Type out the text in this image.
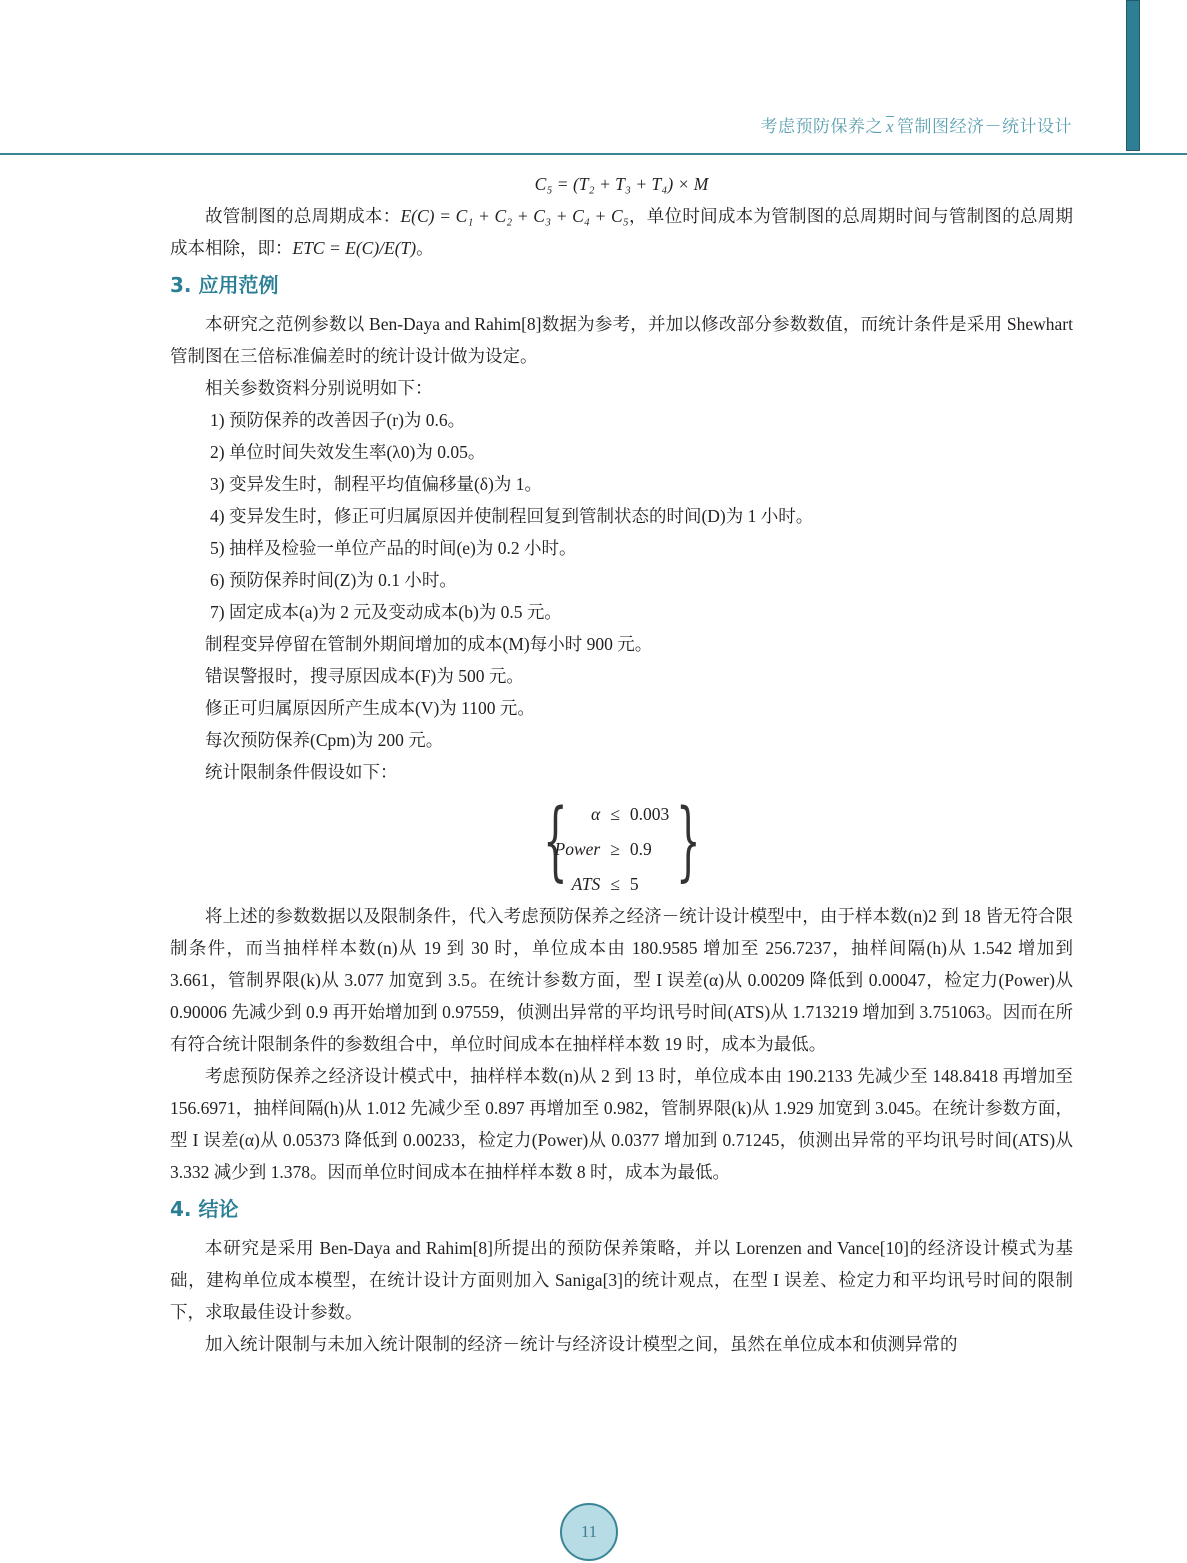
考虑预防保养之 $\overline{x}$ 管制图经济－统计设计
C₅ = (T₂ + T₃ + T₄) × M

故管制图的总周期成本：E(C) = C₁ + C₂ + C₃ + C₄ + C₅，单位时间成本为管制图的总周期时间与管制图的总周期成本相除，即：ETC = E(C)/E(T)。

3. 应用范例

本研究之范例参数以 Ben-Daya and Rahim[8]数据为参考，并加以修改部分参数数值，而统计条件是采用 Shewhart 管制图在三倍标准偏差时的统计设计做为设定。

相关参数资料分别说明如下：

1) 预防保养的改善因子(r)为 0.6。
2) 单位时间失效发生率(λ0)为 0.05。
3) 变异发生时，制程平均值偏移量(δ)为 1。
4) 变异发生时，修正可归属原因并使制程回复到管制状态的时间(D)为 1 小时。
5) 抽样及检验一单位产品的时间(e)为 0.2 小时。
6) 预防保养时间(Z)为 0.1 小时。
7) 固定成本(a)为 2 元及变动成本(b)为 0.5 元。

制程变异停留在管制外期间增加的成本(M)每小时 900 元。

错误警报时，搜寻原因成本(F)为 500 元。

修正可归属原因所产生成本(V)为 1100 元。

每次预防保养(Cpm)为 200 元。

统计限制条件假设如下：

{ α	≤	0.003
Power	≥	0.9
ATS	≤	5 }

将上述的参数数据以及限制条件，代入考虑预防保养之经济－统计设计模型中，由于样本数(n)2 到 18 皆无符合限制条件，而当抽样样本数(n)从 19 到 30 时，单位成本由 180.9585 增加至 256.7237，抽样间隔(h)从 1.542 增加到 3.661，管制界限(k)从 3.077 加宽到 3.5。在统计参数方面，型 I 误差(α)从 0.00209 降低到 0.00047，检定力(Power)从 0.90006 先减少到 0.9 再开始增加到 0.97559，侦测出异常的平均讯号时间(ATS)从 1.713219 增加到 3.751063。因而在所有符合统计限制条件的参数组合中，单位时间成本在抽样样本数 19 时，成本为最低。

考虑预防保养之经济设计模式中，抽样样本数(n)从 2 到 13 时，单位成本由 190.2133 先减少至 148.8418 再增加至 156.6971，抽样间隔(h)从 1.012 先减少至 0.897 再增加至 0.982，管制界限(k)从 1.929 加宽到 3.045。在统计参数方面，型 I 误差(α)从 0.05373 降低到 0.00233，检定力(Power)从 0.0377 增加到 0.71245，侦测出异常的平均讯号时间(ATS)从 3.332 减少到 1.378。因而单位时间成本在抽样样本数 8 时，成本为最低。

4. 结论

本研究是采用 Ben-Daya and Rahim[8]所提出的预防保养策略，并以 Lorenzen and Vance[10]的经济设计模式为基础，建构单位成本模型，在统计设计方面则加入 Saniga[3]的统计观点，在型 I 误差、检定力和平均讯号时间的限制下，求取最佳设计参数。

加入统计限制与未加入统计限制的经济－统计与经济设计模型之间，虽然在单位成本和侦测异常的

11
